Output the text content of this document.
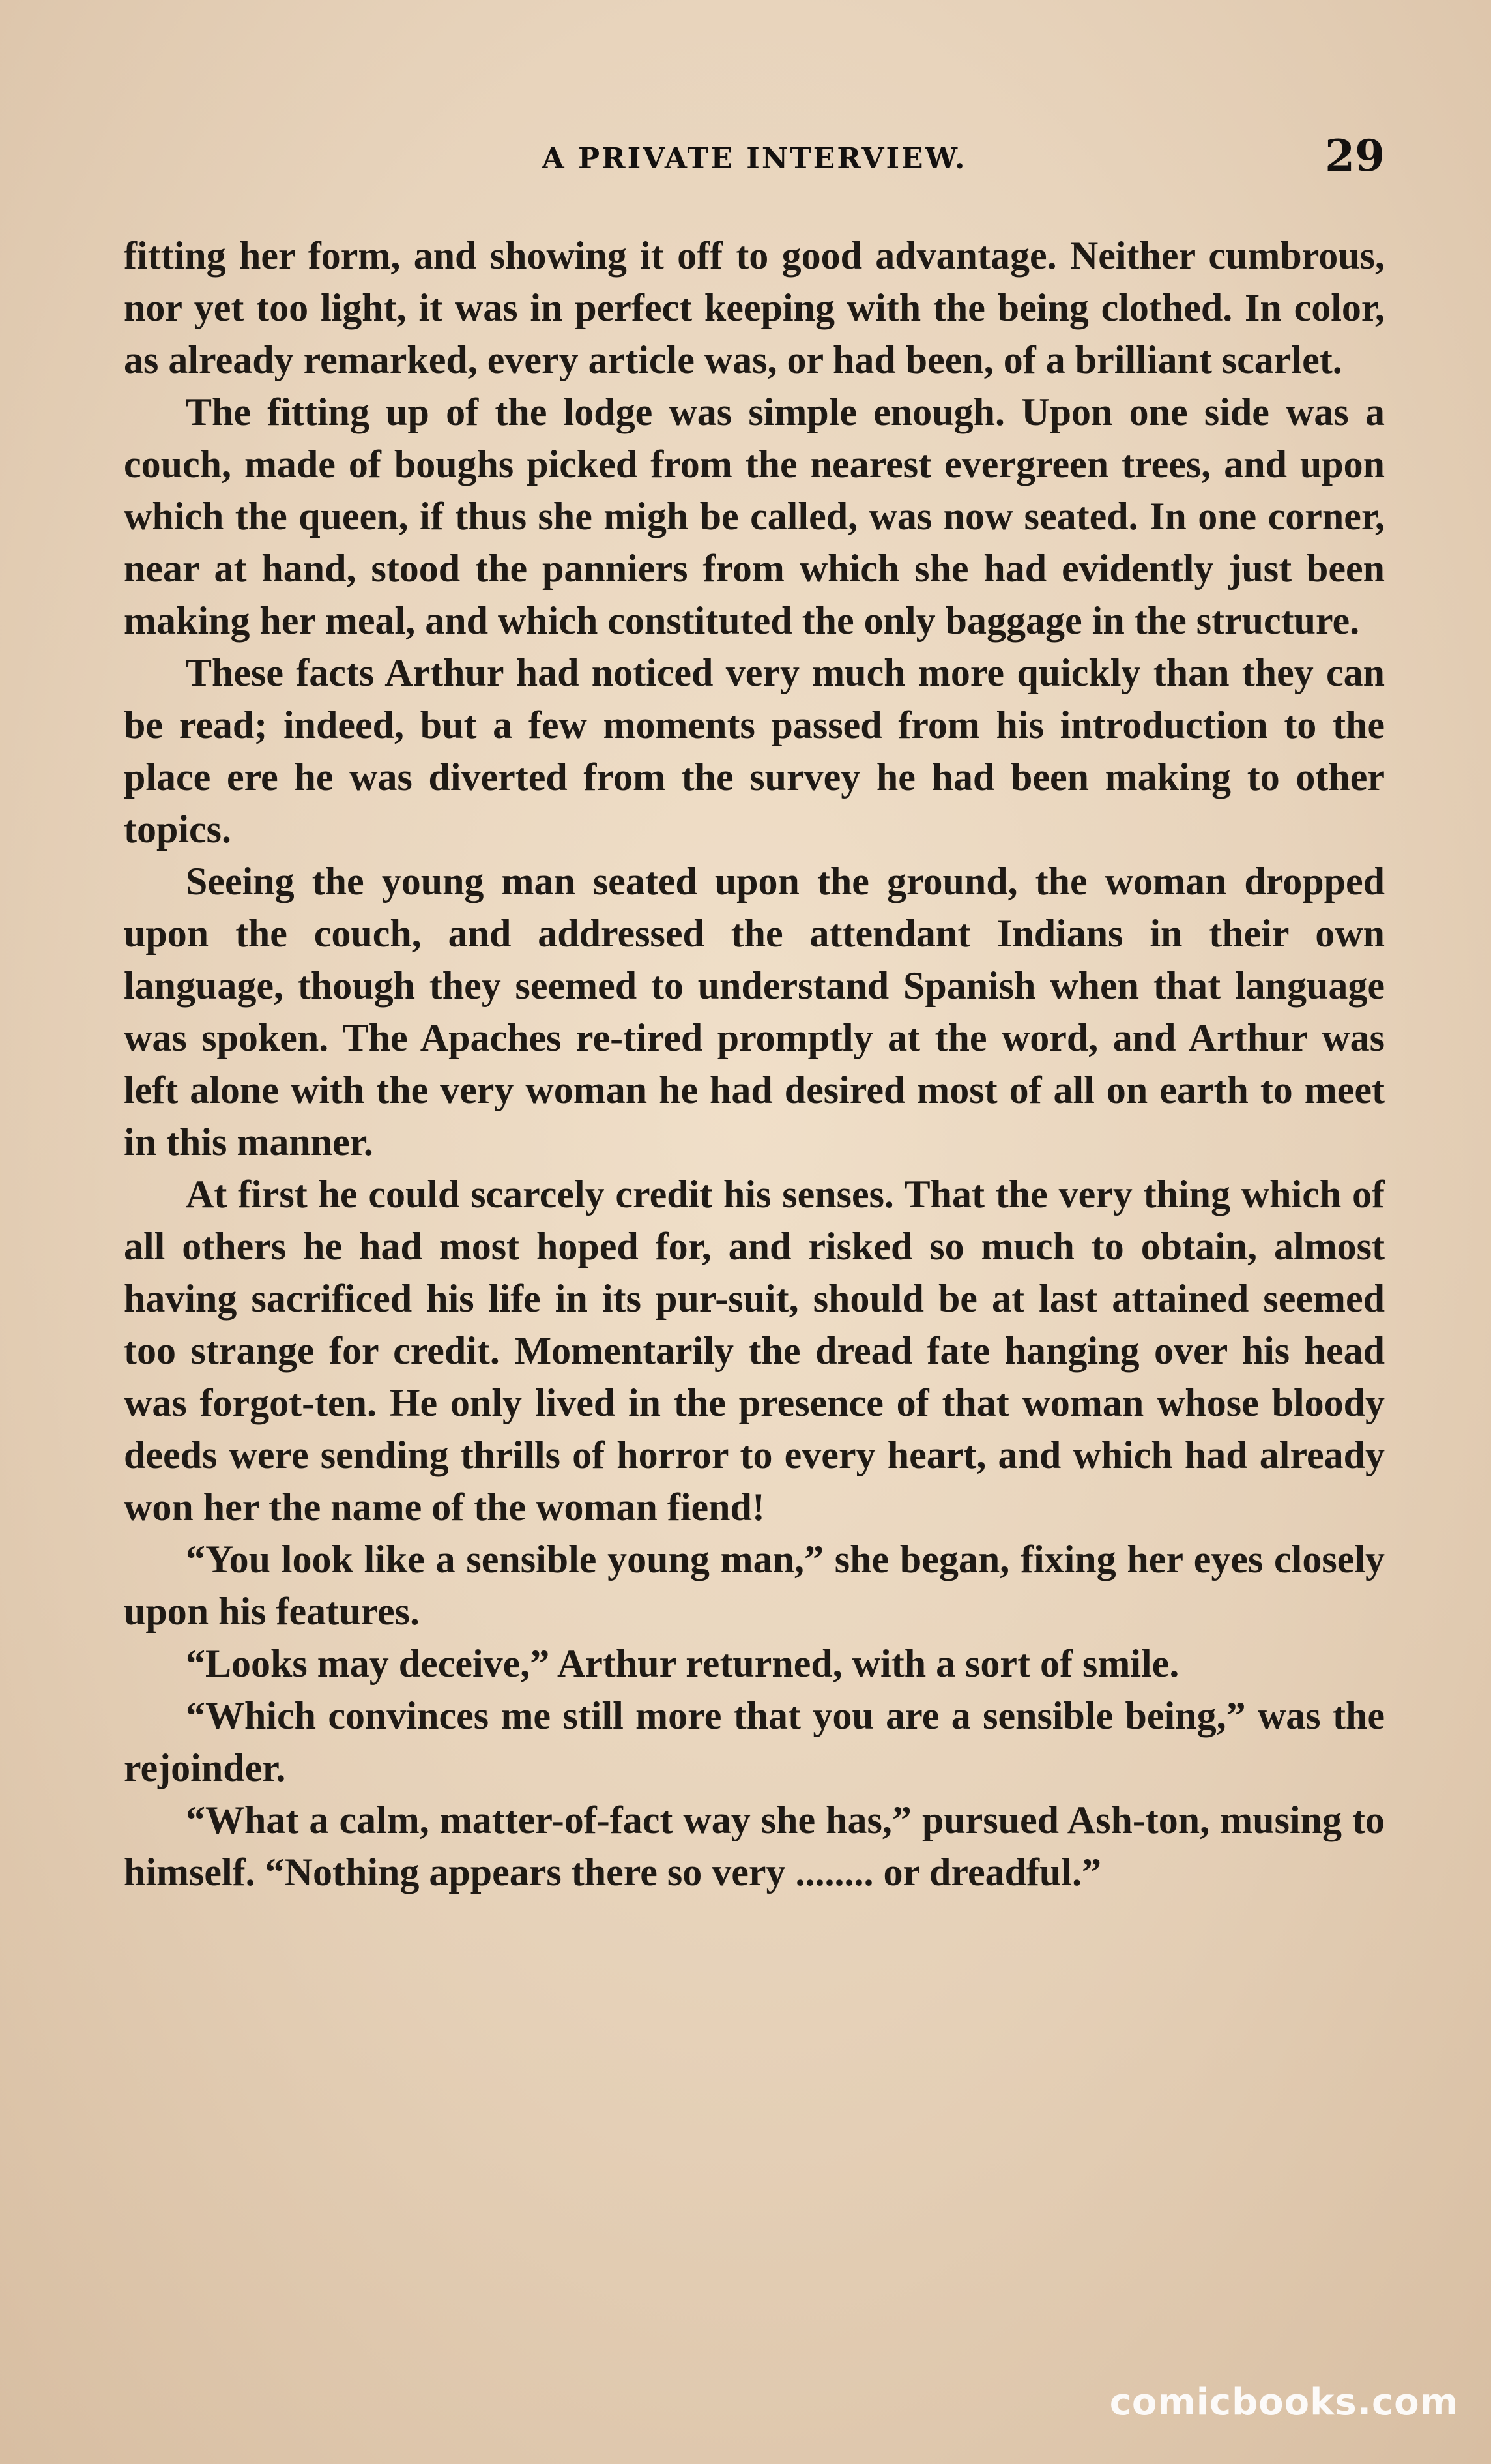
A PRIVATE INTERVIEW.	29

fitting her form, and showing it off to good advantage. Neither cumbrous, nor yet too light, it was in perfect keeping with the being clothed. In color, as already remarked, every article was, or had been, of a brilliant scarlet.

The fitting up of the lodge was simple enough. Upon one side was a couch, made of boughs picked from the nearest evergreen trees, and upon which the queen, if thus she migh be called, was now seated. In one corner, near at hand, stood the panniers from which she had evidently just been making her meal, and which constituted the only baggage in the structure.

These facts Arthur had noticed very much more quickly than they can be read; indeed, but a few moments passed from his introduction to the place ere he was diverted from the survey he had been making to other topics.

Seeing the young man seated upon the ground, the woman dropped upon the couch, and addressed the attendant Indians in their own language, though they seemed to understand Spanish when that language was spoken. The Apaches re-tired promptly at the word, and Arthur was left alone with the very woman he had desired most of all on earth to meet in this manner.

At first he could scarcely credit his senses. That the very thing which of all others he had most hoped for, and risked so much to obtain, almost having sacrificed his life in its pur-suit, should be at last attained seemed too strange for credit. Momentarily the dread fate hanging over his head was forgot-ten. He only lived in the presence of that woman whose bloody deeds were sending thrills of horror to every heart, and which had already won her the name of the woman fiend!

“You look like a sensible young man,” she began, fixing her eyes closely upon his features.

“Looks may deceive,” Arthur returned, with a sort of smile.

“Which convinces me still more that you are a sensible being,” was the rejoinder.

“What a calm, matter-of-fact way she has,” pursued Ash-ton, musing to himself. “Nothing appears there so very ........ or dreadful.”

comicbooks.com
